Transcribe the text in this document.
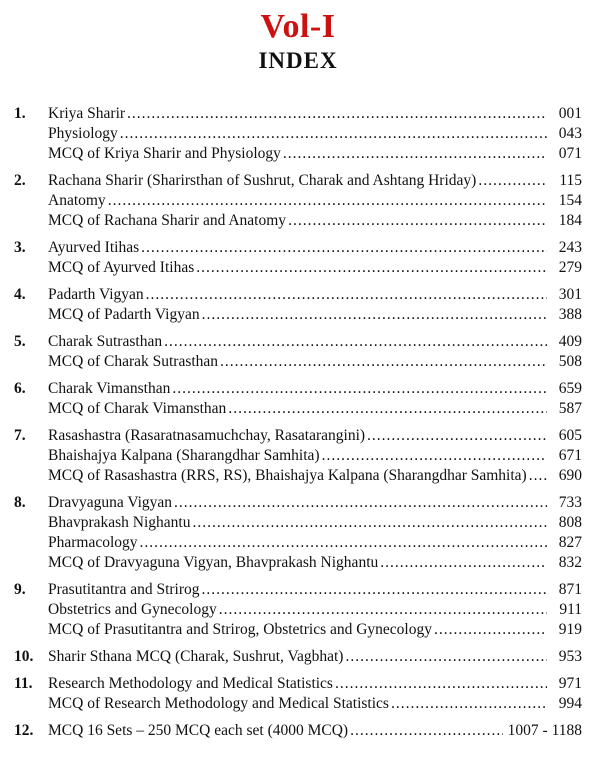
Vol-I
INDEX
1.	Kriya Sharir .....	001
Physiology .....	043
MCQ of Kriya Sharir and Physiology .....	071
2.	Rachana Sharir (Sharirsthan of Sushrut, Charak and Ashtang Hriday) .....	115
Anatomy .....	154
MCQ of Rachana Sharir and Anatomy .....	184
3.	Ayurved Itihas .....	243
MCQ of Ayurved Itihas .....	279
4.	Padarth Vigyan .....	301
MCQ of Padarth Vigyan .....	388
5.	Charak Sutrasthan .....	409
MCQ of Charak Sutrasthan .....	508
6.	Charak Vimansthan .....	659
MCQ of Charak Vimansthan .....	587
7.	Rasashastra (Rasaratnasamuchchay, Rasatarangini) .....	605
Bhaishajya Kalpana (Sharangdhar Samhita) .....	671
MCQ of Rasashastra (RRS, RS), Bhaishajya Kalpana (Sharangdhar Samhita) .....	690
8.	Dravyaguna Vigyan .....	733
Bhavprakash Nighantu .....	808
Pharmacology .....	827
MCQ of Dravyaguna Vigyan, Bhavprakash Nighantu .....	832
9.	Prasutitantra and Strirog .....	871
Obstetrics and Gynecology .....	911
MCQ of Prasutitantra and Strirog, Obstetrics and Gynecology .....	919
10. Sharir Sthana MCQ (Charak, Sushrut, Vagbhat) .....	953
11. Research Methodology and Medical Statistics .....	971
MCQ of Research Methodology and Medical Statistics .....	994
12. MCQ 16 Sets – 250 MCQ each set (4000 MCQ) .....	1007 - 1188
